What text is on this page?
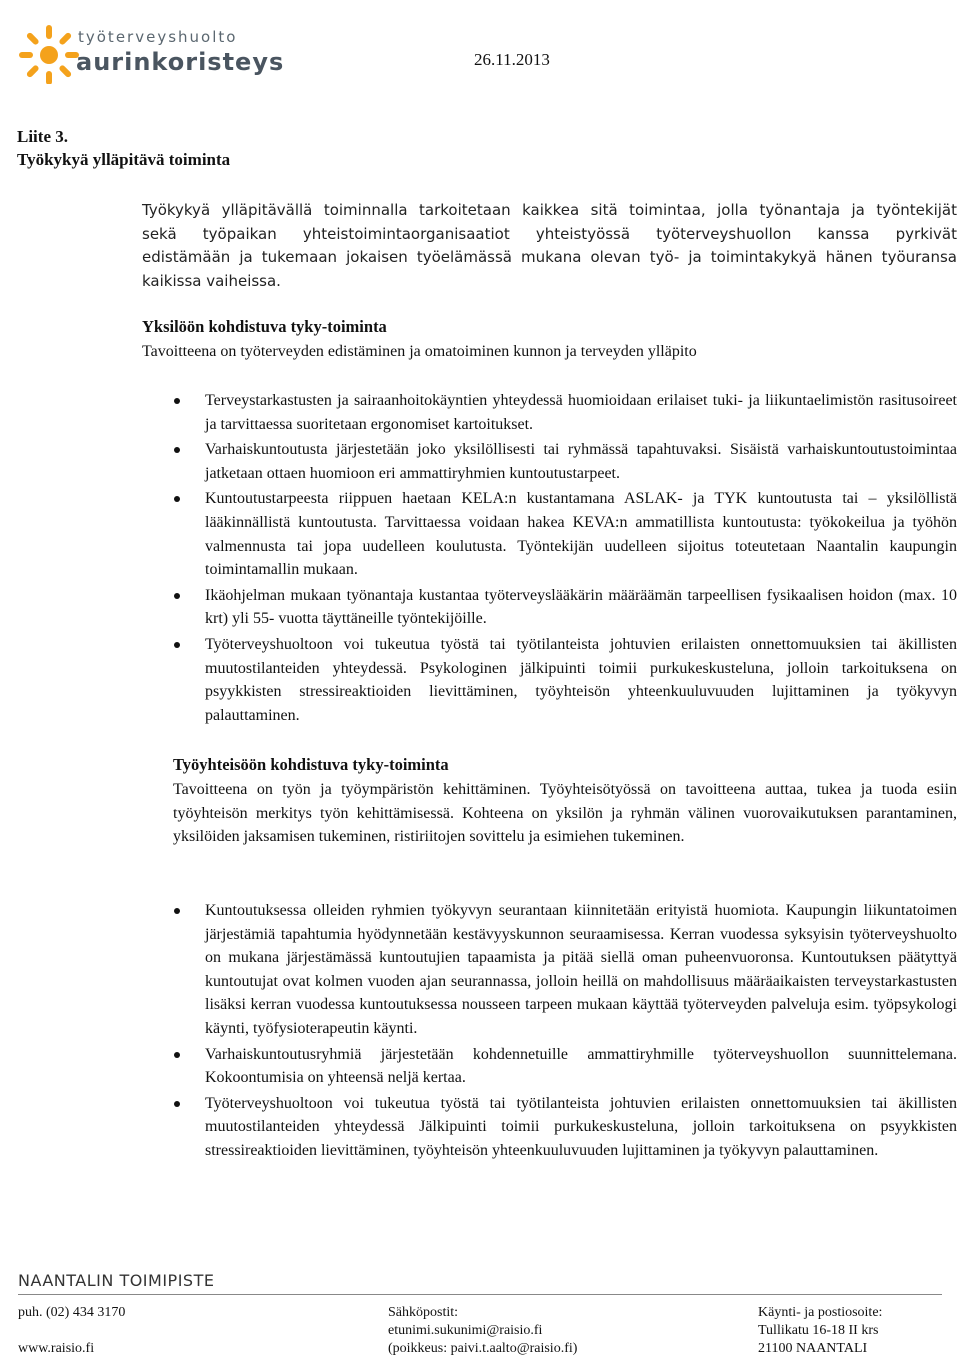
työterveyshuolto
aurinkoristeys	26.11.2013
Liite 3.
Työkykyä ylläpitävä toiminta
Työkykyä ylläpitävällä toiminnalla tarkoitetaan kaikkea sitä toimintaa, jolla työnantaja ja työntekijät
sekä työpaikan yhteistoimintaorganisaatiot yhteistyössä työterveyshuollon kanssa pyrkivät
edistämään ja tukemaan jokaisen työelämässä mukana olevan työ- ja toimintakykyä hänen työuransa
kaikissa vaiheissa.
Yksilöön kohdistuva tyky-toiminta
Tavoitteena on työterveyden edistäminen ja omatoiminen kunnon ja terveyden ylläpito
Terveystarkastusten ja sairaanhoitokäyntien yhteydessä huomioidaan erilaiset tuki- ja liikuntaelimistön rasitusoireet ja tarvittaessa suoritetaan ergonomiset kartoitukset.
Varhaiskuntoutusta järjestetään joko yksilöllisesti tai ryhmässä tapahtuvaksi. Sisäistä varhaiskuntoutustoimintaa jatketaan ottaen huomioon eri ammattiryhmien kuntoutustarpeet.
Kuntoutustarpeesta riippuen haetaan KELA:n kustantamana ASLAK- ja TYK kuntoutusta tai – yksilöllistä lääkinnällistä kuntoutusta. Tarvittaessa voidaan hakea KEVA:n ammatillista kuntoutusta: työkokeilua ja työhön valmennusta tai jopa uudelleen koulutusta. Työntekijän uudelleen sijoitus toteutetaan Naantalin kaupungin toimintamallin mukaan.
Ikäohjelman mukaan työnantaja kustantaa työterveyslääkärin määräämän tarpeellisen fysikaalisen hoidon (max. 10 krt) yli 55- vuotta täyttäneille työntekijöille.
Työterveyshuoltoon voi tukeutua työstä tai työtilanteista johtuvien erilaisten onnettomuuksien tai äkillisten muutostilanteiden yhteydessä. Psykologinen jälkipuinti toimii purkukeskusteluna, jolloin tarkoituksena on psyykkisten stressireaktioiden lievittäminen, työyhteisön yhteenkuuluvuuden lujittaminen ja työkyvyn palauttaminen.
Työyhteisöön kohdistuva tyky-toiminta
Tavoitteena on työn ja työympäristön kehittäminen. Työyhteisötyössä on tavoitteena auttaa, tukea ja tuoda esiin työyhteisön merkitys työn kehittämisessä. Kohteena on yksilön ja ryhmän välinen vuorovaikutuksen parantaminen, yksilöiden jaksamisen tukeminen, ristiriitojen sovittelu ja esimiehen tukeminen.
Kuntoutuksessa olleiden ryhmien työkyvyn seurantaan kiinnitetään erityistä huomiota. Kaupungin liikuntatoimen järjestämiä tapahtumia hyödynnetään kestävyyskunnon seuraamisessa. Kerran vuodessa syksyisin työterveyshuolto on mukana järjestämässä kuntoutujien tapaamista ja pitää siellä oman puheenvuoronsa. Kuntoutuksen päätyttyä kuntoutujat ovat kolmen vuoden ajan seurannassa, jolloin heillä on mahdollisuus määräaikaisten terveystarkastusten lisäksi kerran vuodessa kuntoutuksessa nousseen tarpeen mukaan käyttää työterveyden palveluja esim. työpsykologi käynti, työfysioterapeutin käynti.
Varhaiskuntoutusryhmiä järjestetään kohdennetuille ammattiryhmille työterveyshuollon suunnittelemana. Kokoontumisia on yhteensä neljä kertaa.
Työterveyshuoltoon voi tukeutua työstä tai työtilanteista johtuvien erilaisten onnettomuuksien tai äkillisten muutostilanteiden yhteydessä Jälkipuinti toimii purkukeskusteluna, jolloin tarkoituksena on psyykkisten stressireaktioiden lievittäminen, työyhteisön yhteenkuuluvuuden lujittaminen ja työkyvyn palauttaminen.
NAANTALIN TOIMIPISTE
puh. (02) 434 3170
www.raisio.fi
Sähköpostit:
etunimi.sukunimi@raisio.fi
(poikkeus: paivi.t.aalto@raisio.fi)
Käynti- ja postiosoite:
Tullikatu 16-18 II krs
21100 NAANTALI
